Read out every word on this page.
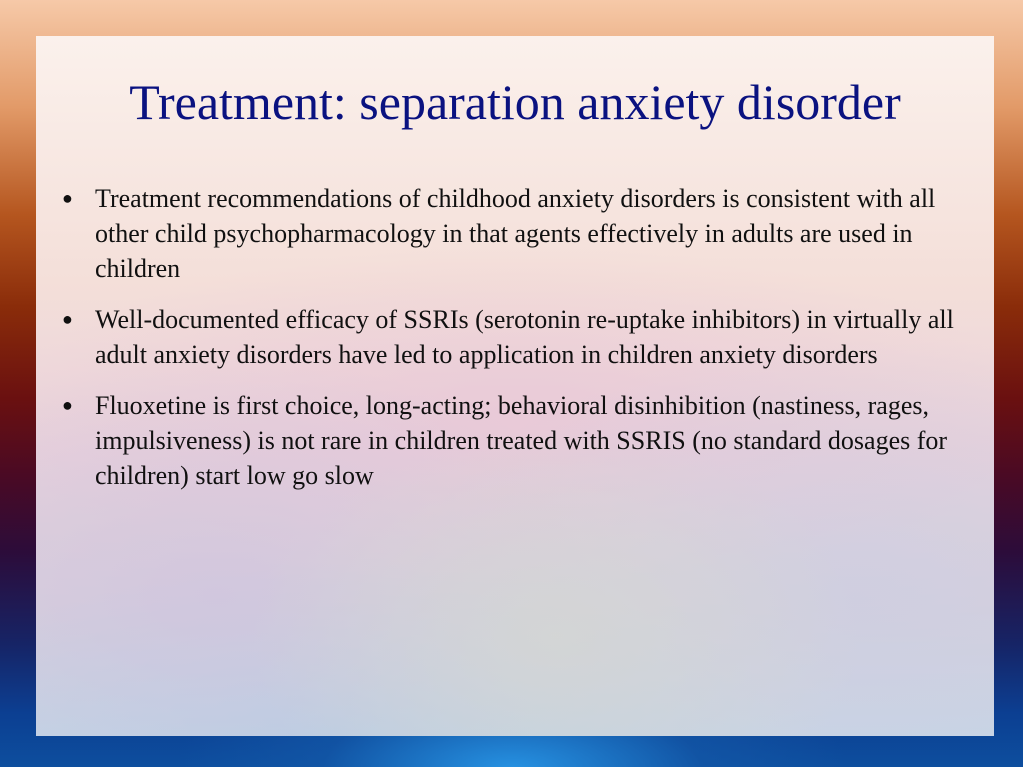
Treatment: separation anxiety disorder
● Treatment recommendations of childhood anxiety disorders is consistent with all other child psychopharmacology in that agents effectively in adults are used in children
● Well-documented efficacy of SSRIs (serotonin re-uptake inhibitors) in virtually all adult anxiety disorders have led to application in children anxiety disorders
● Fluoxetine is first choice, long-acting; behavioral disinhibition (nastiness, rages, impulsiveness) is not rare in children treated with SSRIS (no standard dosages for children) start low go slow
